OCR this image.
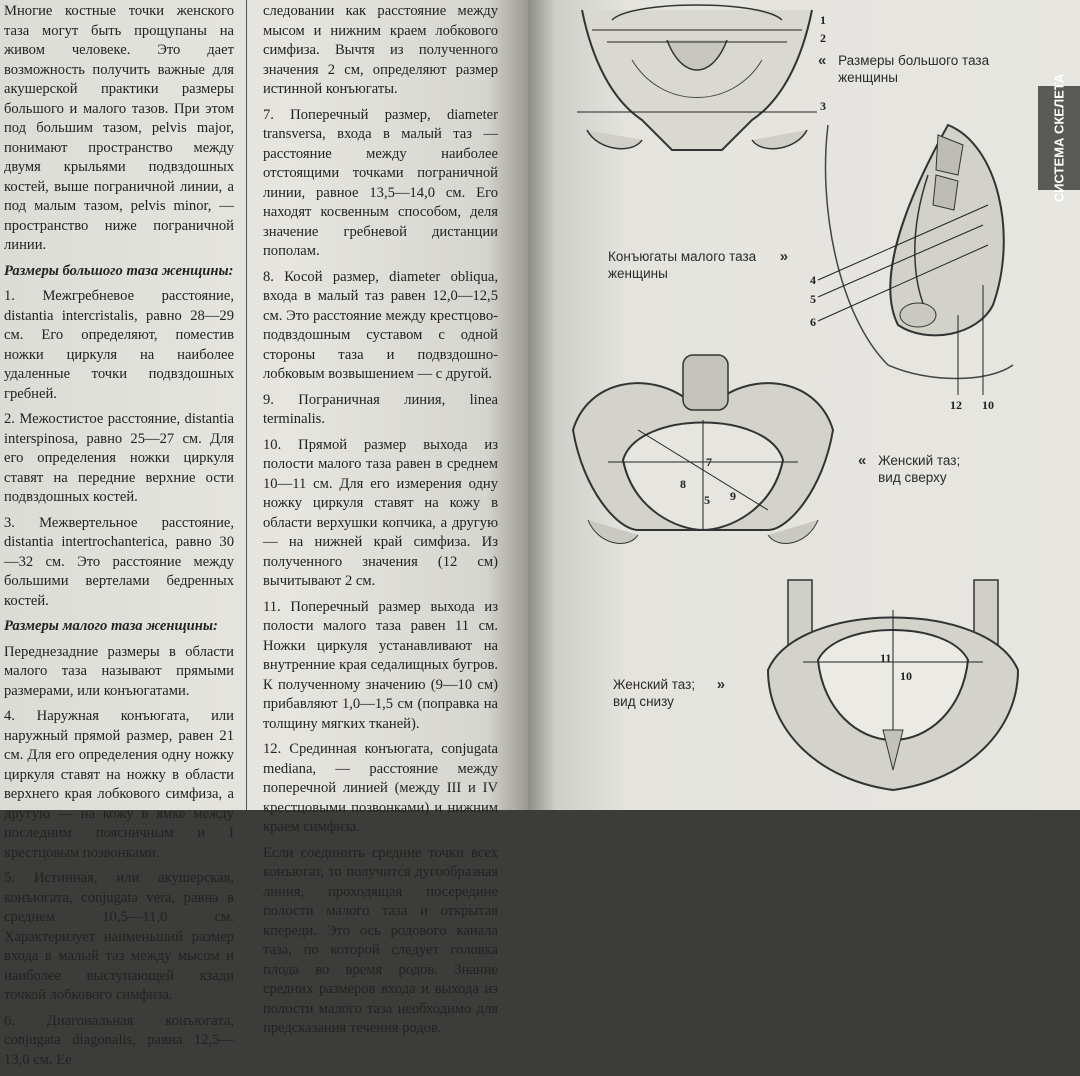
Многие костные точки женского таза могут быть прощупаны на живом человеке. Это дает возможность получить важные для акушерской практики размеры большого и малого тазов. При этом под большим тазом, pelvis major, понимают пространство между двумя крыльями подвздошных костей, выше пограничной линии, а под малым тазом, pelvis minor, — пространство ниже пограничной линии.

Размеры большого таза женщины:

1. Межгребневое расстояние, distantia intercristalis, равно 28—29 см. Его определяют, поместив ножки циркуля на наиболее удаленные точки подвздошных гребней.

2. Межостистое расстояние, distantia interspinosa, равно 25—27 см. Для его определения ножки циркуля ставят на передние верхние ости подвздошных костей.

3. Межвертельное расстояние, distantia intertrochanterica, равно 30—32 см. Это расстояние между большими вертелами бедренных костей.

Размеры малого таза женщины:

Переднезадние размеры в области малого таза называют прямыми размерами, или конъюгатами.

4. Наружная конъюгата, или наружный прямой размер, равен 21 см. Для его определения одну ножку циркуля ставят на ножку в области верхнего края лобкового симфиза, а другую — на кожу в ямке между последним поясничным и I крестцовым позвонками.

5. Истинная, или акушерская, конъюгата, conjugata vera, равна в среднем 10,5—11,0 см. Характеризует наименьший размер входа в малый таз между мысом и наиболее выступающей кзади точкой лобкового симфиза.

6. Диагональная конъюгата, conjugata diagonalis, равна 12,5—13,0 см. Ее

следовании как расстояние между мысом и нижним краем лобкового симфиза. Вычтя из полученного значения 2 см, определяют размер истинной конъюгаты.

7. Поперечный размер, diameter transversa, входа в малый таз — расстояние между наиболее отстоящими точками пограничной линии, равное 13,5—14,0 см. Его находят косвенным способом, деля значение гребневой дистанции пополам.

8. Косой размер, diameter obliqua, входа в малый таз равен 12,0—12,5 см. Это расстояние между крестцово-подвздошным суставом с одной стороны таза и подвздошно-лобковым возвышением — с другой.

9. Пограничная линия, linea terminalis.

10. Прямой размер выхода из полости малого таза равен в среднем 10—11 см. Для его измерения одну ножку циркуля ставят на кожу в области верхушки копчика, а другую — на нижней край симфиза. Из полученного значения (12 см) вычитывают 2 см.

11. Поперечный размер выхода из полости малого таза равен 11 см. Ножки циркуля устанавливают на внутренние края седалищных бугров. К полученному значению (9—10 см) прибавляют 1,0—1,5 см (поправка на толщину мягких тканей).

12. Срединная конъюгата, conjugata mediana, — расстояние между поперечной линией (между III и IV крестцовыми позвонками) и нижним краем симфиза.

Если соединить средние точки всех конъюгат, то получится дугообразная линия, проходящая посередине полости малого таза и открытая кпереди. Это ось родового канала таза, по которой следует головка плода во время родов. Знание средних размеров входа и выхода из полости малого таза необходимо для предсказания течения родов.

1
2
3
« Размеры большого таза женщины	СИСТЕМА СКЕЛЕТА
4
5
6
12 10
Конъюгаты малого таза женщины »
7
8
5 9
« Женский таз; вид сверху
11
10
Женский таз; вид снизу »
